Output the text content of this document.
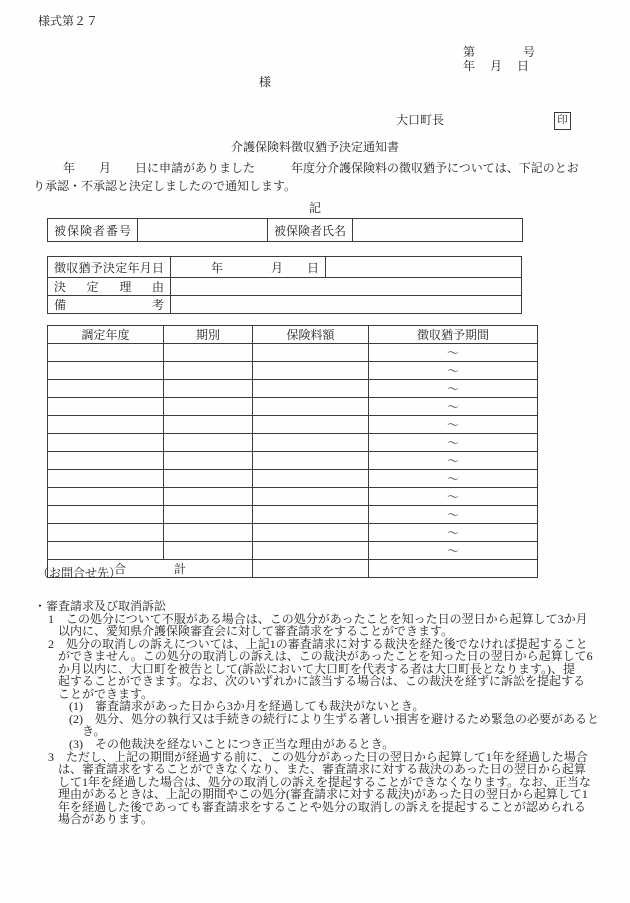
様式第２７
第　　　　号
年　 月　 日
様
大口町長	印
介護保険料徴収猶予決定通知書
年　　月　　日に申請がありました　　　年度分介護保険料の徴収猶予については、下記のとお
り承認・不承認と決定しましたので通知します。
記
被保険者番号		被保険者氏名	
徴収猶予決定年月日	年　　　　月　　日	
決　定　理　由		
備　　　　　考		
調定年度	期別	保険料額	徴収猶予期間
			～
			～
			～
			～
			～
			～
			～
			～
			～
			～
			～
			～
合　　　　計			
（お問合せ先）
・審査請求及び取消訴訟
1　この処分について不服がある場合は、この処分があったことを知った日の翌日から起算して3か月
以内に、愛知県介護保険審査会に対して審査請求をすることができます。
2　処分の取消しの訴えについては、上記1の審査請求に対する裁決を経た後でなければ提起すること
ができません。この処分の取消しの訴えは、この裁決があったことを知った日の翌日から起算して6
か月以内に、大口町を被告として(訴訟において大口町を代表する者は大口町長となります。)、提
起することができます。なお、次のいずれかに該当する場合は、この裁決を経ずに訴訟を提起する
ことができます。
(1)　審査請求があった日から3か月を経過しても裁決がないとき。
(2)　処分、処分の執行又は手続きの続行により生ずる著しい損害を避けるため緊急の必要があると
き。
(3)　その他裁決を経ないことにつき正当な理由があるとき。
3　ただし、上記の期間が経過する前に、この処分があった日の翌日から起算して1年を経過した場合
は、審査請求をすることができなくなり、また、審査請求に対する裁決のあった日の翌日から起算
して1年を経過した場合は、処分の取消しの訴えを提起することができなくなります。なお、正当な
理由があるときは、上記の期間やこの処分(審査請求に対する裁決)があった日の翌日から起算して1
年を経過した後であっても審査請求をすることや処分の取消しの訴えを提起することが認められる
場合があります。
